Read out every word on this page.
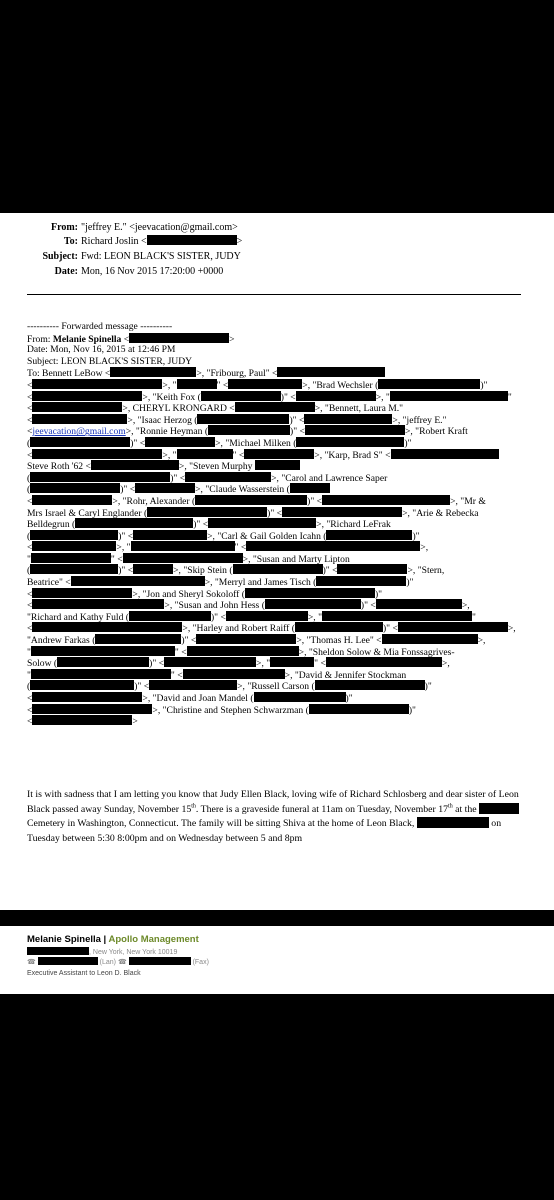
From: "jeffrey E." <jeevacation@gmail.com>
To: Richard Joslin <	>
Subject: Fwd: LEON BLACK'S SISTER, JUDY
Date: Mon, 16 Nov 2015 17:20:00 +0000
---------- Forwarded message ----------
From: Melanie Spinella <	>
Date: Mon, Nov 16, 2015 at 12:46 PM
Subject: LEON BLACK'S SISTER, JUDY
To: Bennett LeBow <	>, "Fribourg, Paul" <
<	>, "	" <	>, "Brad Wechsler (	)"
<	>, "Keith Fox (	)" <	>, "	"
<	>, CHERYL KRONGARD <	>, "Bennett, Laura M."
<	>, "Isaac Herzog (	)" <	>, "jeffrey E."
<jeevacation@gmail.com>, "Ronnie Heyman (	)" <	>, "Robert Kraft
(	)" <	>, "Michael Milken (	)"
<	>, "	" <	>, "Karp, Brad S" <
Steve Roth '62 <	>, "Steven Murphy
(	)" <	>, "Carol and Lawrence Saper
(	)" <	>, "Claude Wasserstein (
<	>, "Rohr, Alexander (	)" <	>, "Mr &
Mrs Israel & Caryl Englander (	)" <	>, "Arie & Rebecka
Belldegrun (	)" <	>, "Richard LeFrak
(	)" <	>, "Carl & Gail Golden Icahn (	)"
<	>, "	" <	>,
"	" <	>, "Susan and Marty Lipton
(	)" <	>, "Skip Stein (	)" <	>, "Stern,
Beatrice" <	>, "Merryl and James Tisch (	)"
<	>, "Jon and Sheryl Sokoloff (	)"
<	>, "Susan and John Hess (	)" <	>,
"Richard and Kathy Fuld (	)" <	>, "	"
<	>, "Harley and Robert Raiff (	)" <	>,
"Andrew Farkas (	)" <	>, "Thomas H. Lee" <	>,
"	" <	>, "Sheldon Solow & Mia Fonssagrives-
Solow (	)" <	>, "	" <	>,
"	" <	>, "David & Jennifer Stockman
(	)" <	>, "Russell Carson (	)"
<	>, "David and Joan Mandel (	)"
<	>, "Christine and Stephen Schwarzman (	)"
<	>
It is with sadness that I am letting you know that Judy Ellen Black, loving wife of Richard Schlosberg and dear sister of Leon Black passed away Sunday, November 15th. There is a graveside funeral at 11am on Tuesday, November 17th at the  Cemetery in Washington, Connecticut. The family will be sitting Shiva at the home of Leon Black,	on Tuesday between 5:30 8:00pm and on Wednesday between 5 and 8pm
EFTA00840600
Melanie Spinella | Apollo Management
, New York, New York 10019
☎	(Lan) ☎	(Fax)
Executive Assistant to Leon D. Black
